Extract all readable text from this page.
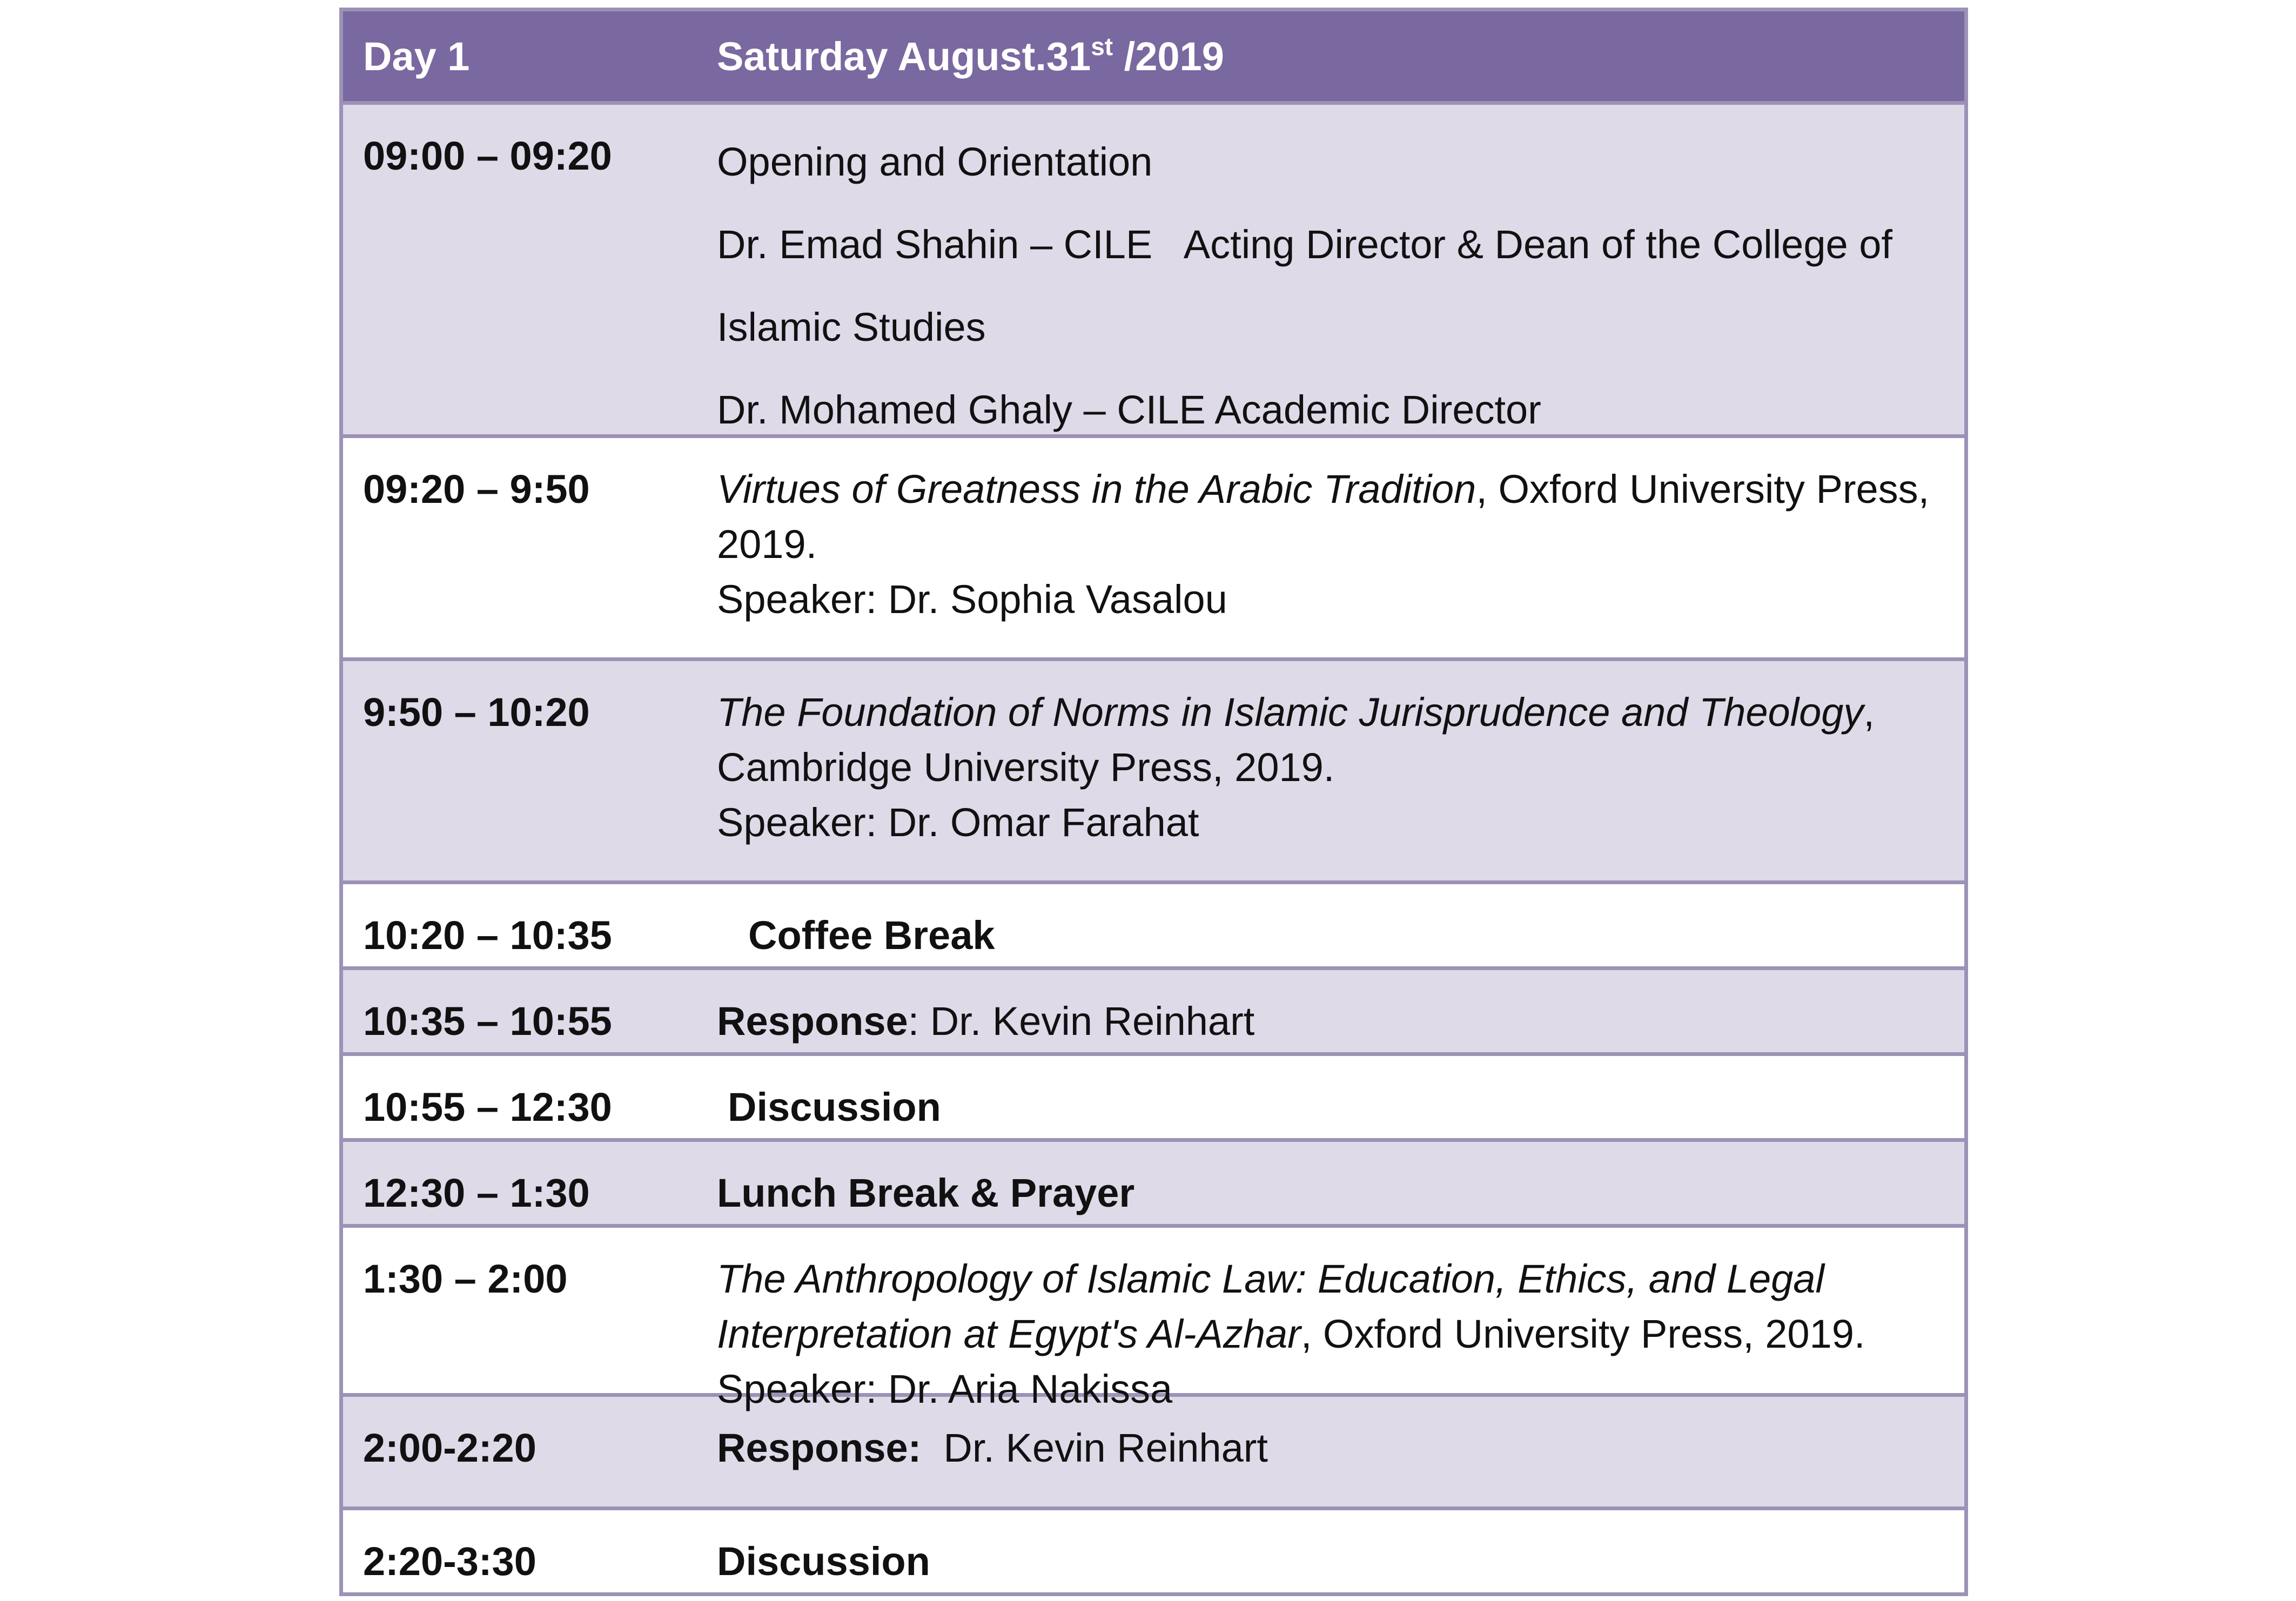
Day 1	Saturday August.31st /2019
09:00 – 09:20	Opening and Orientation

Dr. Emad Shahin – CILE   Acting Director & Dean of the College of

Islamic Studies

Dr. Mohamed Ghaly – CILE Academic Director

09:20 – 9:50	Virtues of Greatness in the Arabic Tradition, Oxford University Press, 2019.

Speaker: Dr. Sophia Vasalou

9:50 – 10:20	The Foundation of Norms in Islamic Jurisprudence and Theology, Cambridge University Press, 2019.

Speaker: Dr. Omar Farahat

10:20 – 10:35	Coffee Break

10:35 – 10:55	Response: Dr. Kevin Reinhart

10:55 – 12:30	Discussion

12:30 – 1:30	Lunch Break & Prayer

1:30 – 2:00	The Anthropology of Islamic Law: Education, Ethics, and Legal Interpretation at Egypt's Al-Azhar, Oxford University Press, 2019.

Speaker: Dr. Aria Nakissa

2:00-2:20	Response:  Dr. Kevin Reinhart

2:20-3:30	Discussion
